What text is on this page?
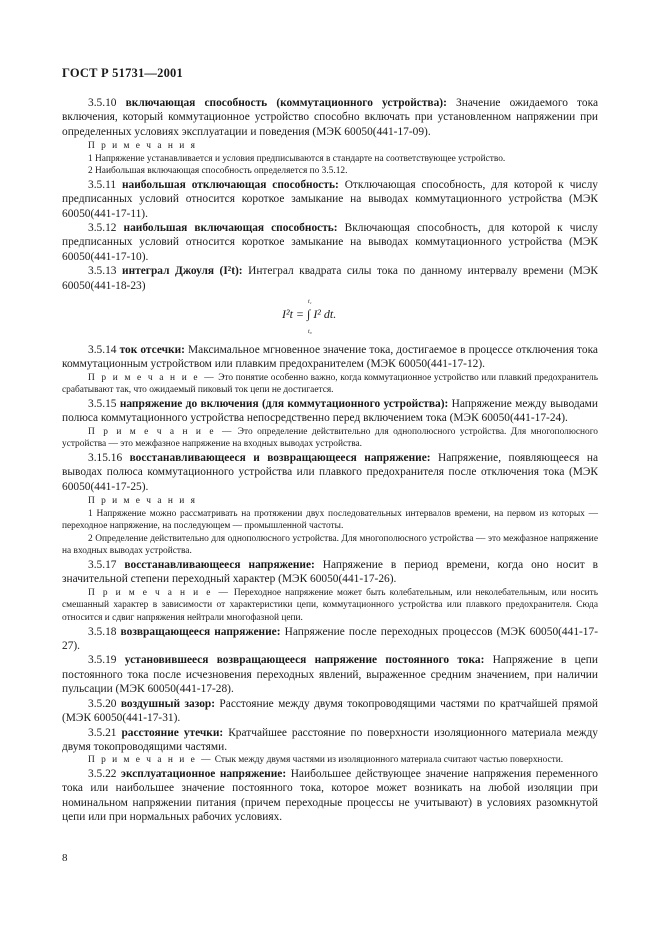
ГОСТ Р 51731—2001

3.5.10 включающая способность (коммутационного устройства): Значение ожидаемого тока включения, который коммутационное устройство способно включать при установленном напряжении при определенных условиях эксплуатации и поведения (МЭК 60050(441-17-09).

П р и м е ч а н и я

1 Напряжение устанавливается и условия предписываются в стандарте на соответствующее устройство.

2 Наибольшая включающая способность определяется по 3.5.12.

3.5.11 наибольшая отключающая способность: Отключающая способность, для которой к числу предписанных условий относится короткое замыкание на выводах коммутационного устройства (МЭК 60050(441-17-11).

3.5.12 наибольшая включающая способность: Включающая способность, для которой к числу предписанных условий относится короткое замыкание на выводах коммутационного устройства (МЭК 60050(441-17-10).

3.5.13 интеграл Джоуля (I²t): Интеграл квадрата силы тока по данному интервалу времени (МЭК 60050(441-18-23)

I²t = ∫ I² dt.
t₁
t₀

3.5.14 ток отсечки: Максимальное мгновенное значение тока, достигаемое в процессе отключения тока коммутационным устройством или плавким предохранителем (МЭК 60050(441-17-12).

П р и м е ч а н и е — Это понятие особенно важно, когда коммутационное устройство или плавкий предохранитель срабатывают так, что ожидаемый пиковый ток цепи не достигается.

3.5.15 напряжение до включения (для коммутационного устройства): Напряжение между выводами полюса коммутационного устройства непосредственно перед включением тока (МЭК 60050(441-17-24).

П р и м е ч а н и е — Это определение действительно для однополюсного устройства. Для многополюсного устройства — это межфазное напряжение на входных выводах устройства.

3.15.16 восстанавливающееся и возвращающееся напряжение: Напряжение, появляющееся на выводах полюса коммутационного устройства или плавкого предохранителя после отключения тока (МЭК 60050(441-17-25).

П р и м е ч а н и я

1 Напряжение можно рассматривать на протяжении двух последовательных интервалов времени, на первом из которых — переходное напряжение, на последующем — промышленной частоты.

2 Определение действительно для однополюсного устройства. Для многополюсного устройства — это межфазное напряжение на входных выводах устройства.

3.5.17 восстанавливающееся напряжение: Напряжение в период времени, когда оно носит в значительной степени переходный характер (МЭК 60050(441-17-26).

П р и м е ч а н и е — Переходное напряжение может быть колебательным, или неколебательным, или носить смешанный характер в зависимости от характеристики цепи, коммутационного устройства или плавкого предохранителя. Сюда относится и сдвиг напряжения нейтрали многофазной цепи.

3.5.18 возвращающееся напряжение: Напряжение после переходных процессов (МЭК 60050(441-17-27).

3.5.19 установившееся возвращающееся напряжение постоянного тока: Напряжение в цепи постоянного тока после исчезновения переходных явлений, выраженное средним значением, при наличии пульсации (МЭК 60050(441-17-28).

3.5.20 воздушный зазор: Расстояние между двумя токопроводящими частями по кратчайшей прямой (МЭК 60050(441-17-31).

3.5.21 расстояние утечки: Кратчайшее расстояние по поверхности изоляционного материала между двумя токопроводящими частями.

П р и м е ч а н и е — Стык между двумя частями из изоляционного материала считают частью поверхности.

3.5.22 эксплуатационное напряжение: Наибольшее действующее значение напряжения переменного тока или наибольшее значение постоянного тока, которое может возникать на любой изоляции при номинальном напряжении питания (причем переходные процессы не учитывают) в условиях разомкнутой цепи или при нормальных рабочих условиях.

8
